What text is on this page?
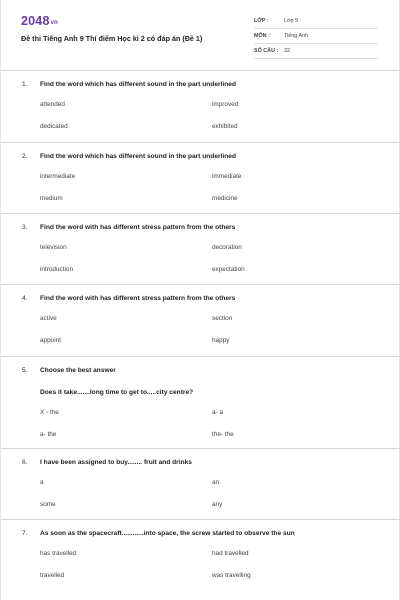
2048vn
Đề thi Tiếng Anh 9 Thí điểm Học kì 2 có đáp án (Đề 1)
LỚP :	Lớp 9
MÔN :	Tiếng Anh
SỐ CÂU :	32
1. Find the word which has different sound in the part underlined
attended	improved
dedicated	exhibited
2. Find the word which has different sound in the part underlined
intermediate	immediate
medium	medicine
3. Find the word with has different stress pattern from the others
television	decoration
introduction	expectation
4. Find the word with has different stress pattern from the others
active	section
appoint	happy
5. Choose the best answer
Does it take.......long time to get to.....city centre?
X - the	a- a
a- the	the- the
6. I have been assigned to buy........ fruit and drinks
a	an
some	any
7. As soon as the spacecraft............into space, the screw started to observe the sun
has travelled	had travelled
travelled	was travelling
